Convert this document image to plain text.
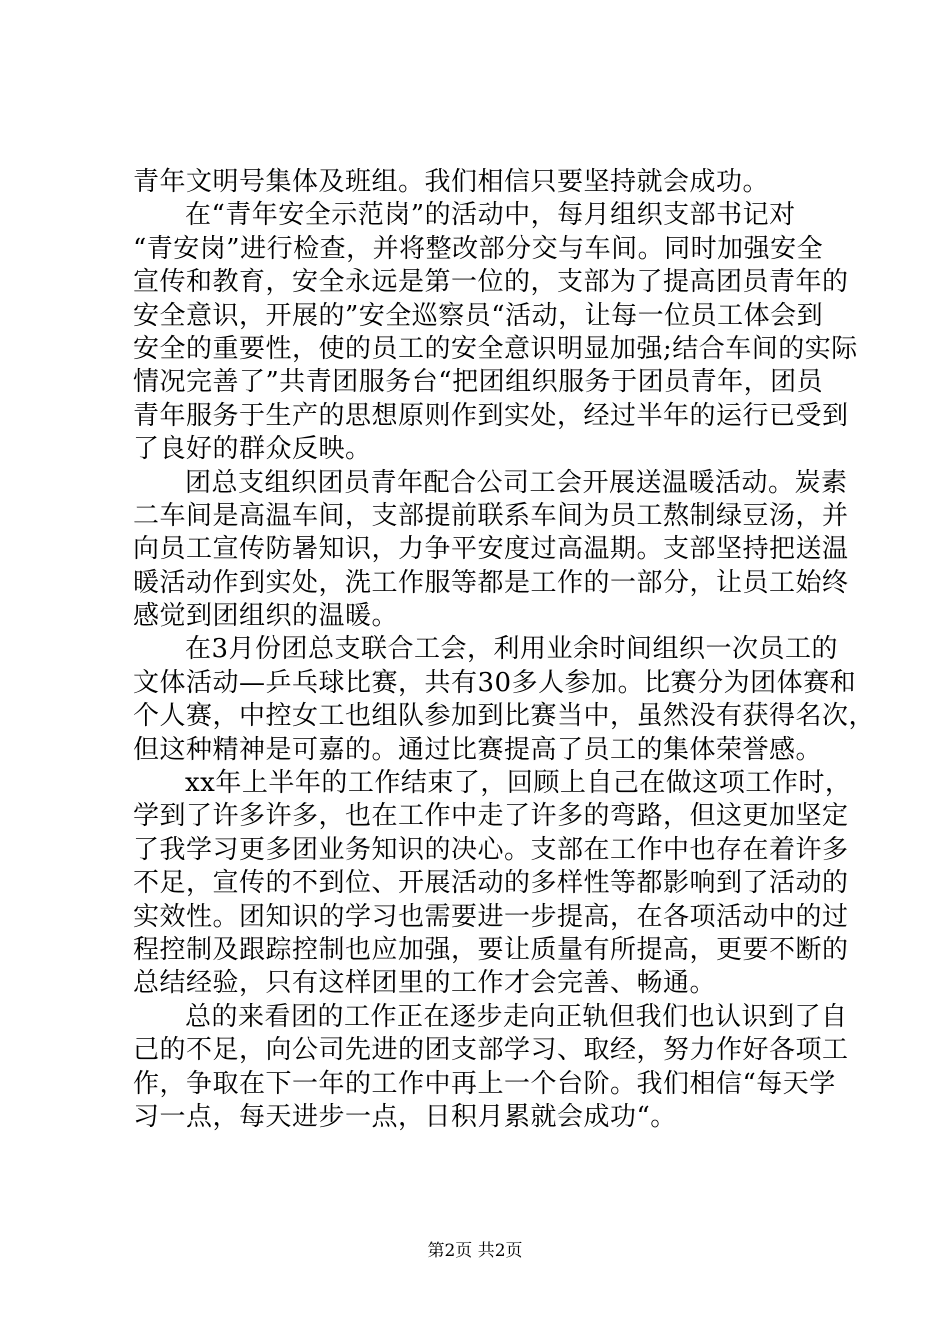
青年文明号集体及班组。我们相信只要坚持就会成功。
在“青年安全示范岗”的活动中，每月组织支部书记对
“青安岗”进行检查，并将整改部分交与车间。同时加强安全
宣传和教育，安全永远是第一位的，支部为了提高团员青年的
安全意识，开展的”安全巡察员“活动，让每一位员工体会到
安全的重要性，使的员工的安全意识明显加强;结合车间的实际
情况完善了”共青团服务台“把团组织服务于团员青年，团员
青年服务于生产的思想原则作到实处，经过半年的运行已受到
了良好的群众反映。
团总支组织团员青年配合公司工会开展送温暖活动。炭素
二车间是高温车间，支部提前联系车间为员工熬制绿豆汤，并
向员工宣传防暑知识，力争平安度过高温期。支部坚持把送温
暖活动作到实处，洗工作服等都是工作的一部分，让员工始终
感觉到团组织的温暖。
在3月份团总支联合工会，利用业余时间组织一次员工的
文体活动—乒乓球比赛，共有30多人参加。比赛分为团体赛和
个人赛，中控女工也组队参加到比赛当中，虽然没有获得名次，
但这种精神是可嘉的。通过比赛提高了员工的集体荣誉感。
xx年上半年的工作结束了，回顾上自己在做这项工作时，
学到了许多许多，也在工作中走了许多的弯路，但这更加坚定
了我学习更多团业务知识的决心。支部在工作中也存在着许多
不足，宣传的不到位、开展活动的多样性等都影响到了活动的
实效性。团知识的学习也需要进一步提高，在各项活动中的过
程控制及跟踪控制也应加强，要让质量有所提高，更要不断的
总结经验，只有这样团里的工作才会完善、畅通。
总的来看团的工作正在逐步走向正轨但我们也认识到了自
己的不足，向公司先进的团支部学习、取经，努力作好各项工
作，争取在下一年的工作中再上一个台阶。我们相信“每天学
习一点，每天进步一点，日积月累就会成功“。
第2页 共2页
